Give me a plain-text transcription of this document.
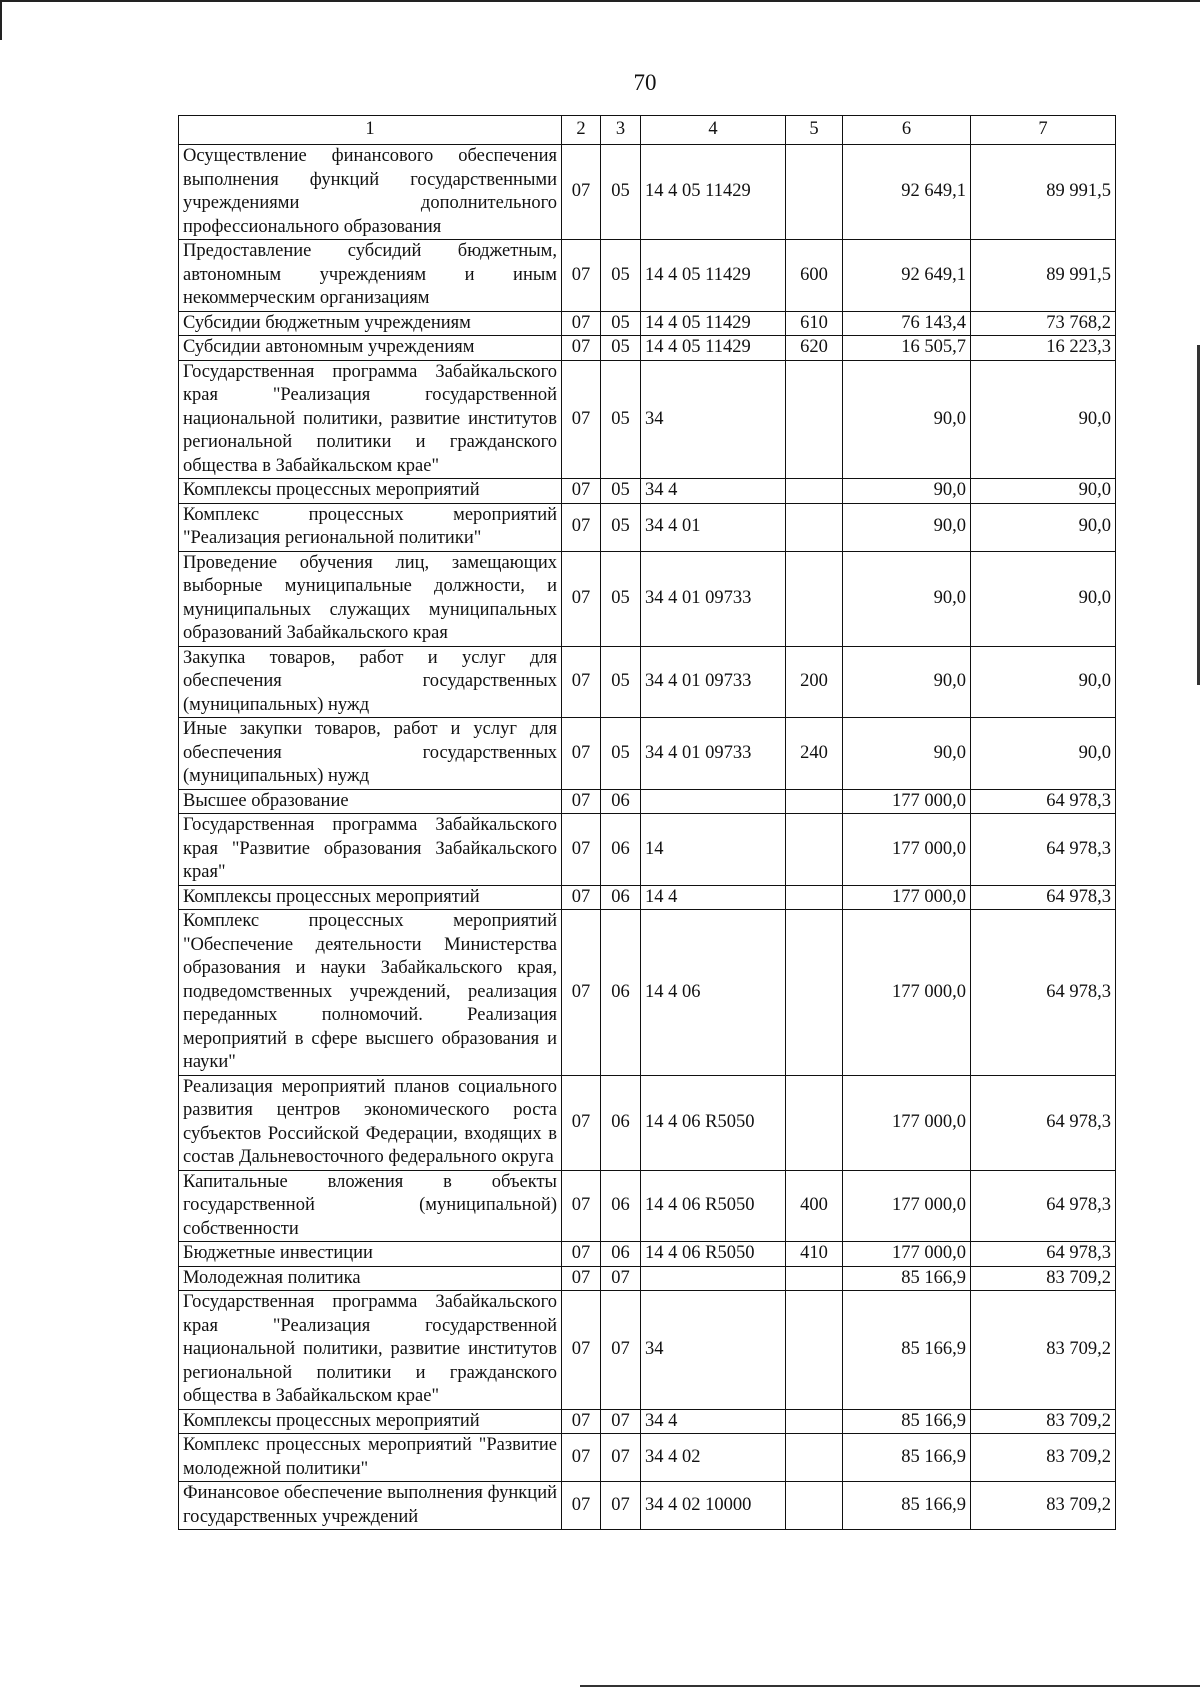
70
1	2	3	4	5	6	7
Осуществление финансового обеспечения выполнения функций государственными учреждениями дополнительного профессионального образования	07	05	14 4 05 11429		92 649,1	89 991,5
Предоставление субсидий бюджетным, автономным учреждениям и иным некоммерческим организациям	07	05	14 4 05 11429	600	92 649,1	89 991,5
Субсидии бюджетным учреждениям	07	05	14 4 05 11429	610	76 143,4	73 768,2
Субсидии автономным учреждениям	07	05	14 4 05 11429	620	16 505,7	16 223,3
Государственная программа Забайкальского края "Реализация государственной национальной политики, развитие институтов региональной политики и гражданского общества в Забайкальском крае"	07	05	34		90,0	90,0
Комплексы процессных мероприятий	07	05	34 4		90,0	90,0
Комплекс процессных мероприятий "Реализация региональной политики"	07	05	34 4 01		90,0	90,0
Проведение обучения лиц, замещающих выборные муниципальные должности, и муниципальных служащих муниципальных образований Забайкальского края	07	05	34 4 01 09733		90,0	90,0
Закупка товаров, работ и услуг для обеспечения государственных (муниципальных) нужд	07	05	34 4 01 09733	200	90,0	90,0
Иные закупки товаров, работ и услуг для обеспечения государственных (муниципальных) нужд	07	05	34 4 01 09733	240	90,0	90,0
Высшее образование	07	06			177 000,0	64 978,3
Государственная программа Забайкальского края "Развитие образования Забайкальского края"	07	06	14		177 000,0	64 978,3
Комплексы процессных мероприятий	07	06	14 4		177 000,0	64 978,3
Комплекс процессных мероприятий "Обеспечение деятельности Министерства образования и науки Забайкальского края, подведомственных учреждений, реализация переданных полномочий. Реализация мероприятий в сфере высшего образования и науки"	07	06	14 4 06		177 000,0	64 978,3
Реализация мероприятий планов социального развития центров экономического роста субъектов Российской Федерации, входящих в состав Дальневосточного федерального округа	07	06	14 4 06 R5050		177 000,0	64 978,3
Капитальные вложения в объекты государственной (муниципальной) собственности	07	06	14 4 06 R5050	400	177 000,0	64 978,3
Бюджетные инвестиции	07	06	14 4 06 R5050	410	177 000,0	64 978,3
Молодежная политика	07	07			85 166,9	83 709,2
Государственная программа Забайкальского края "Реализация государственной национальной политики, развитие институтов региональной политики и гражданского общества в Забайкальском крае"	07	07	34		85 166,9	83 709,2
Комплексы процессных мероприятий	07	07	34 4		85 166,9	83 709,2
Комплекс процессных мероприятий "Развитие молодежной политики"	07	07	34 4 02		85 166,9	83 709,2
Финансовое обеспечение выполнения функций государственных учреждений	07	07	34 4 02 10000		85 166,9	83 709,2
